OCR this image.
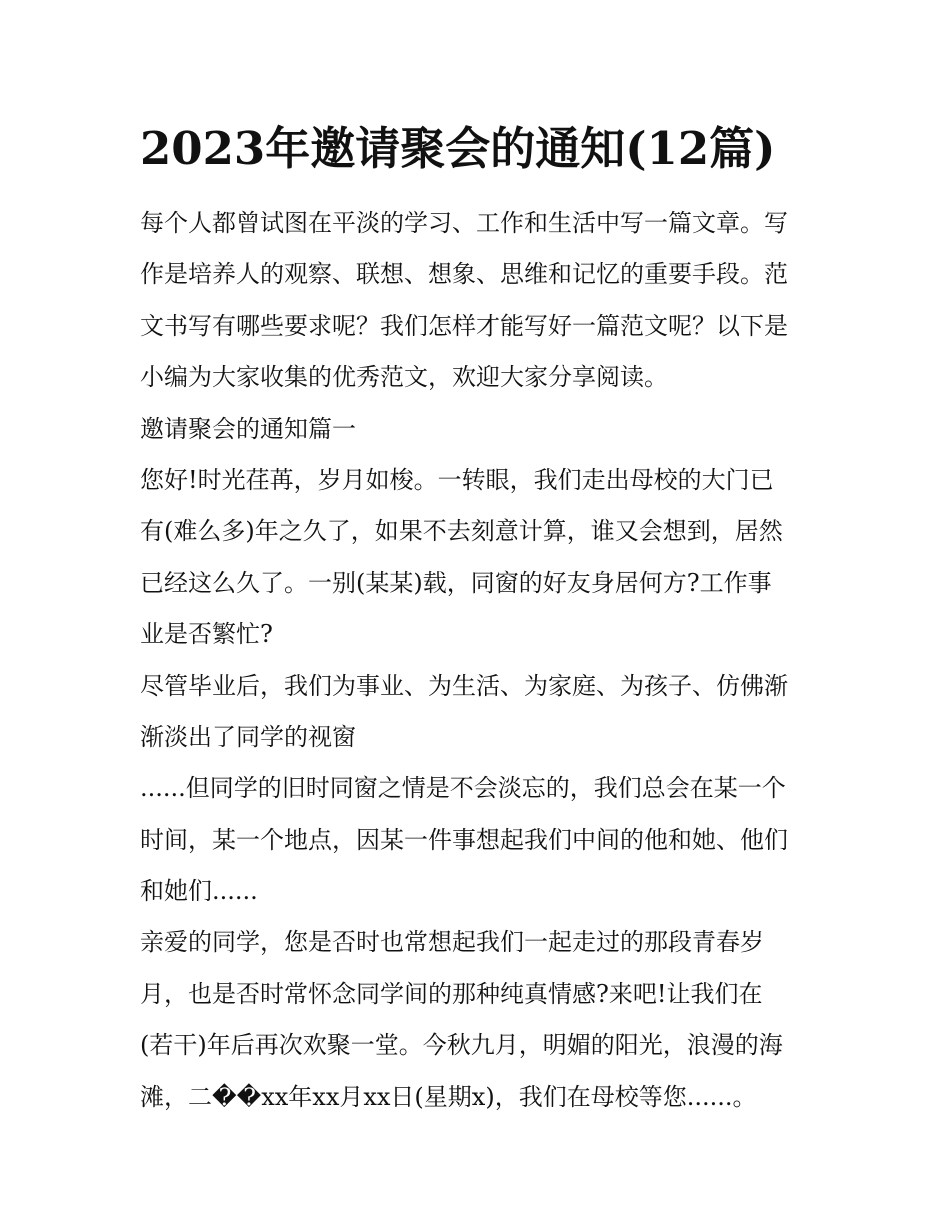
2023年邀请聚会的通知(12篇)
每个人都曾试图在平淡的学习、工作和生活中写一篇文章。写
作是培养人的观察、联想、想象、思维和记忆的重要手段。范
文书写有哪些要求呢？我们怎样才能写好一篇范文呢？以下是
小编为大家收集的优秀范文，欢迎大家分享阅读。
邀请聚会的通知篇一
您好!时光荏苒，岁月如梭。一转眼，我们走出母校的大门已
有(难么多)年之久了，如果不去刻意计算，谁又会想到，居然
已经这么久了。一别(某某)载，同窗的好友身居何方?工作事
业是否繁忙?
尽管毕业后，我们为事业、为生活、为家庭、为孩子、仿佛渐
渐淡出了同学的视窗
......但同学的旧时同窗之情是不会淡忘的，我们总会在某一个
时间，某一个地点，因某一件事想起我们中间的他和她、他们
和她们......
亲爱的同学，您是否时也常想起我们一起走过的那段青春岁
月，也是否时常怀念同学间的那种纯真情感?来吧!让我们在
(若干)年后再次欢聚一堂。今秋九月，明媚的阳光，浪漫的海
滩，二��xx年xx月xx日(星期x)，我们在母校等您......。
